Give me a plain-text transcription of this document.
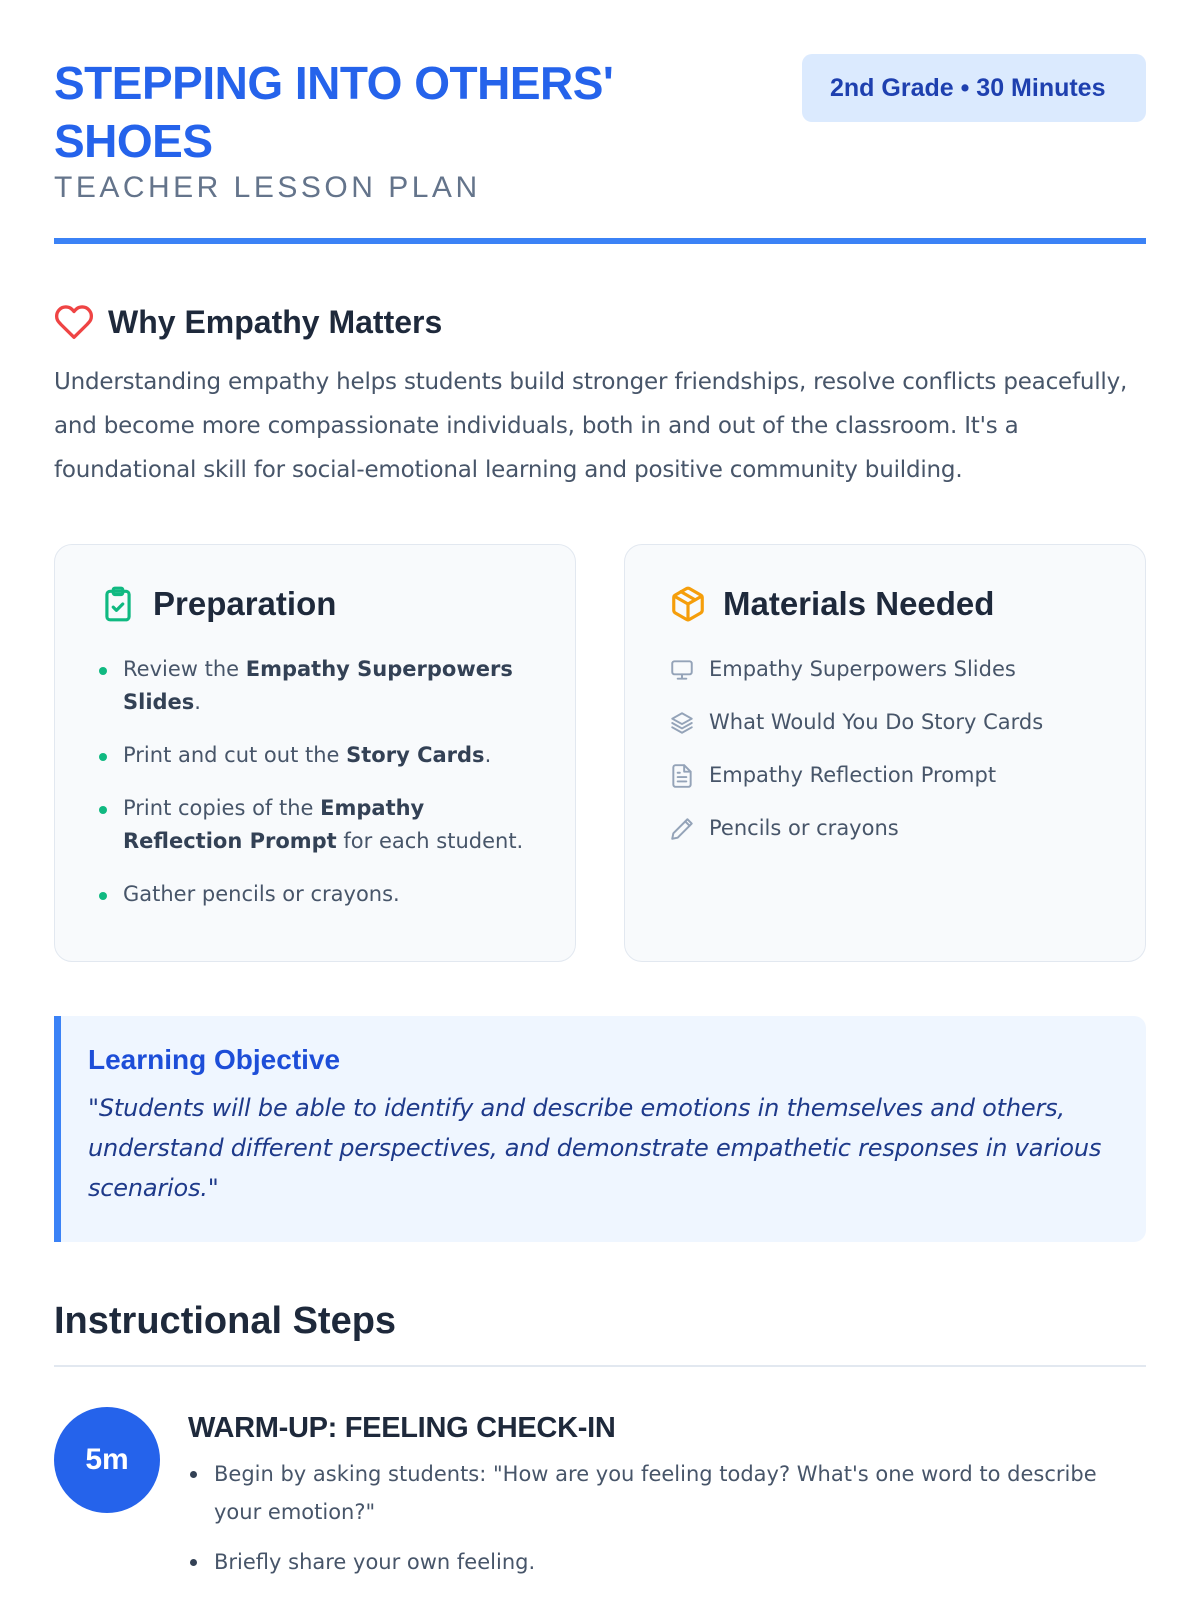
STEPPING INTO OTHERS' SHOES
TEACHER LESSON PLAN
2nd Grade • 30 Minutes
Why Empathy Matters

Understanding empathy helps students build stronger friendships, resolve conflicts peacefully, and become more compassionate individuals, both in and out of the classroom. It's a foundational skill for social-emotional learning and positive community building.

Preparation
Review the Empathy Superpowers Slides.
Print and cut out the Story Cards.
Print copies of the Empathy Reflection Prompt for each student.
Gather pencils or crayons.
Materials Needed
Empathy Superpowers Slides
What Would You Do Story Cards
Empathy Reflection Prompt
Pencils or crayons
Learning Objective

"Students will be able to identify and describe emotions in themselves and others, understand different perspectives, and demonstrate empathetic responses in various scenarios."

Instructional Steps
5m
WARM-UP: FEELING CHECK-IN
Begin by asking students: "How are you feeling today? What's one word to describe your emotion?"
Briefly share your own feeling.
